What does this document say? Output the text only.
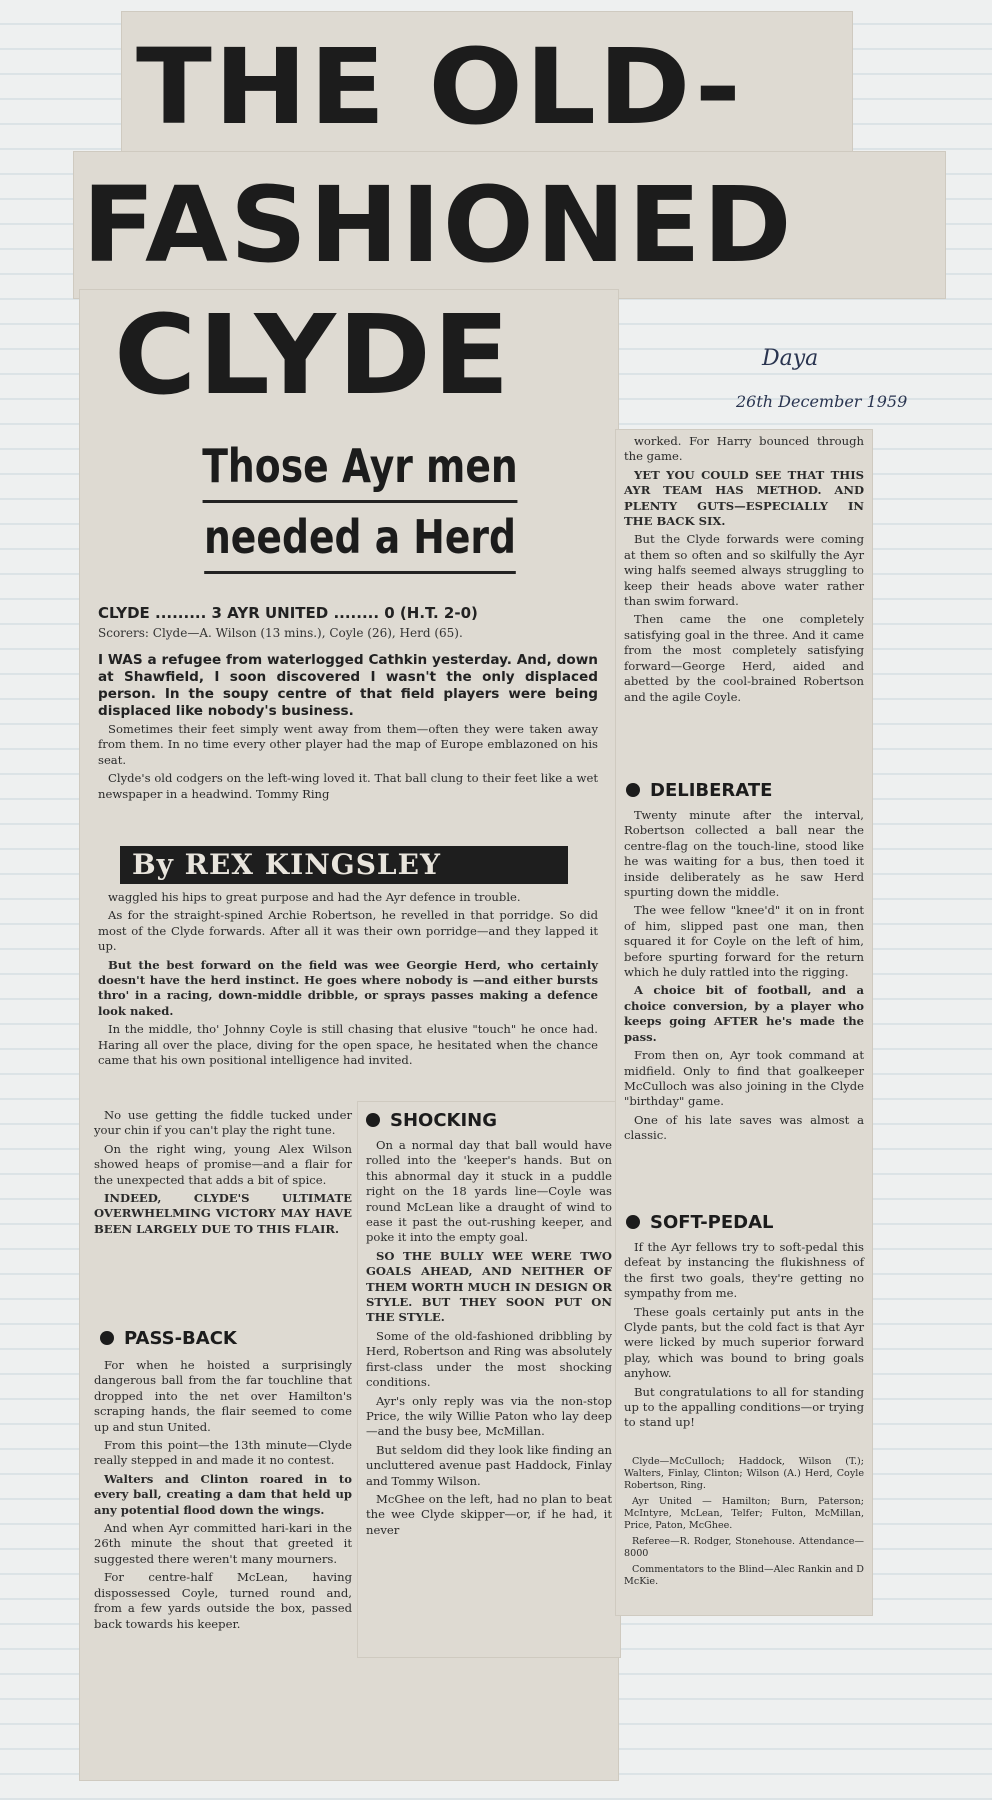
THE OLD-
FASHIONED
CLYDE
Those Ayr men
needed a Herd
CLYDE ......... 3 AYR UNITED ........ 0 (H.T. 2-0)
Scorers: Clyde—A. Wilson (13 mins.), Coyle (26), Herd (65).
I WAS a refugee from waterlogged Cathkin yesterday. And, down at Shawfield, I soon discovered I wasn't the only displaced person. In the soupy centre of that field players were being displaced like nobody's business.

Sometimes their feet simply went away from them—often they were taken away from them. In no time every other player had the map of Europe emblazoned on his seat.

Clyde's old codgers on the left-wing loved it. That ball clung to their feet like a wet newspaper in a headwind. Tommy Ring

By REX KINGSLEY

waggled his hips to great purpose and had the Ayr defence in trouble.

As for the straight-spined Archie Robertson, he revelled in that porridge. So did most of the Clyde forwards. After all it was their own porridge—and they lapped it up.

But the best forward on the field was wee Georgie Herd, who certainly doesn't have the herd instinct. He goes where nobody is —and either bursts thro' in a racing, down-middle dribble, or sprays passes making a defence look naked.

In the middle, tho' Johnny Coyle is still chasing that elusive "touch" he once had. Haring all over the place, diving for the open space, he hesitated when the chance came that his own positional intelligence had invited.

No use getting the fiddle tucked under your chin if you can't play the right tune.

On the right wing, young Alex Wilson showed heaps of promise—and a flair for the unexpected that adds a bit of spice.

INDEED, CLYDE'S ULTIMATE OVERWHELMING VICTORY MAY HAVE BEEN LARGELY DUE TO THIS FLAIR.

PASS-BACK

For when he hoisted a surprisingly dangerous ball from the far touchline that dropped into the net over Hamilton's scraping hands, the flair seemed to come up and stun United.

From this point—the 13th minute—Clyde really stepped in and made it no contest.

Walters and Clinton roared in to every ball, creating a dam that held up any potential flood down the wings.

And when Ayr committed hari-kari in the 26th minute the shout that greeted it suggested there weren't many mourners.

For centre-half McLean, having dispossessed Coyle, turned round and, from a few yards outside the box, passed back towards his keeper.

SHOCKING

On a normal day that ball would have rolled into the 'keeper's hands. But on this abnormal day it stuck in a puddle right on the 18 yards line—Coyle was round McLean like a draught of wind to ease it past the out-rushing keeper, and poke it into the empty goal.

SO THE BULLY WEE WERE TWO GOALS AHEAD, AND NEITHER OF THEM WORTH MUCH IN DESIGN OR STYLE. BUT THEY SOON PUT ON THE STYLE.

Some of the old-fashioned dribbling by Herd, Robertson and Ring was absolutely first-class under the most shocking conditions.

Ayr's only reply was via the non-stop Price, the wily Willie Paton who lay deep—and the busy bee, McMillan.

But seldom did they look like finding an uncluttered avenue past Haddock, Finlay and Tommy Wilson.

McGhee on the left, had no plan to beat the wee Clyde skipper—or, if he had, it never

worked. For Harry bounced through the game.

YET YOU COULD SEE THAT THIS AYR TEAM HAS METHOD. AND PLENTY GUTS—ESPECIALLY IN THE BACK SIX.

But the Clyde forwards were coming at them so often and so skilfully the Ayr wing halfs seemed always struggling to keep their heads above water rather than swim forward.

Then came the one completely satisfying goal in the three. And it came from the most completely satisfying forward—George Herd, aided and abetted by the cool-brained Robertson and the agile Coyle.

DELIBERATE

Twenty minute after the interval, Robertson collected a ball near the centre-flag on the touch-line, stood like he was waiting for a bus, then toed it inside deliberately as he saw Herd spurting down the middle.

The wee fellow "knee'd" it on in front of him, slipped past one man, then squared it for Coyle on the left of him, before spurting forward for the return which he duly rattled into the rigging.

A choice bit of football, and a choice conversion, by a player who keeps going AFTER he's made the pass.

From then on, Ayr took command at midfield. Only to find that goalkeeper McCulloch was also joining in the Clyde "birthday" game.

One of his late saves was almost a classic.

SOFT-PEDAL

If the Ayr fellows try to soft-pedal this defeat by instancing the flukishness of the first two goals, they're getting no sympathy from me.

These goals certainly put ants in the Clyde pants, but the cold fact is that Ayr were licked by much superior forward play, which was bound to bring goals anyhow.

But congratulations to all for standing up to the appalling conditions—or trying to stand up!

Clyde—McCulloch; Haddock, Wilson (T.); Walters, Finlay, Clinton; Wilson (A.) Herd, Coyle Robertson, Ring.

Ayr United — Hamilton; Burn, Paterson; McIntyre, McLean, Telfer; Fulton, McMillan, Price, Paton, McGhee.

Referee—R. Rodger, Stonehouse. Attendance—8000

Commentators to the Blind—Alec Rankin and D McKie.

Daya
26th December 1959
